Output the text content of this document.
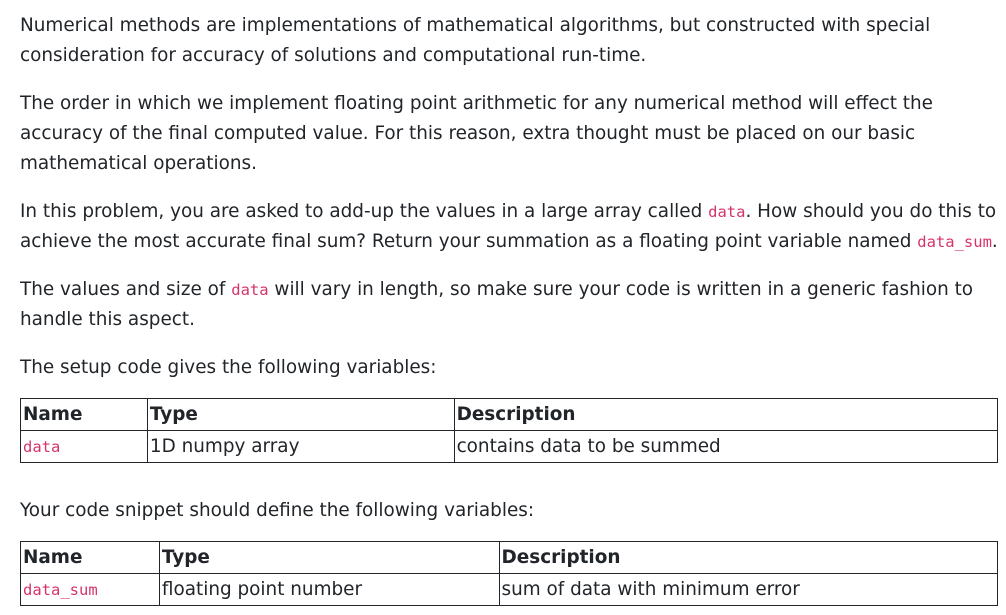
Numerical methods are implementations of mathematical algorithms, but constructed with special consideration for accuracy of solutions and computational run-time.

The order in which we implement floating point arithmetic for any numerical method will effect the accuracy of the final computed value. For this reason, extra thought must be placed on our basic mathematical operations.

In this problem, you are asked to add-up the values in a large array called data. How should you do this to achieve the most accurate final sum? Return your summation as a floating point variable named data_sum.

The values and size of data will vary in length, so make sure your code is written in a generic fashion to handle this aspect.

The setup code gives the following variables:

Name	Type	Description
data	1D numpy array	contains data to be summed

Your code snippet should define the following variables:

Name	Type	Description
data_sum	floating point number	sum of data with minimum error
